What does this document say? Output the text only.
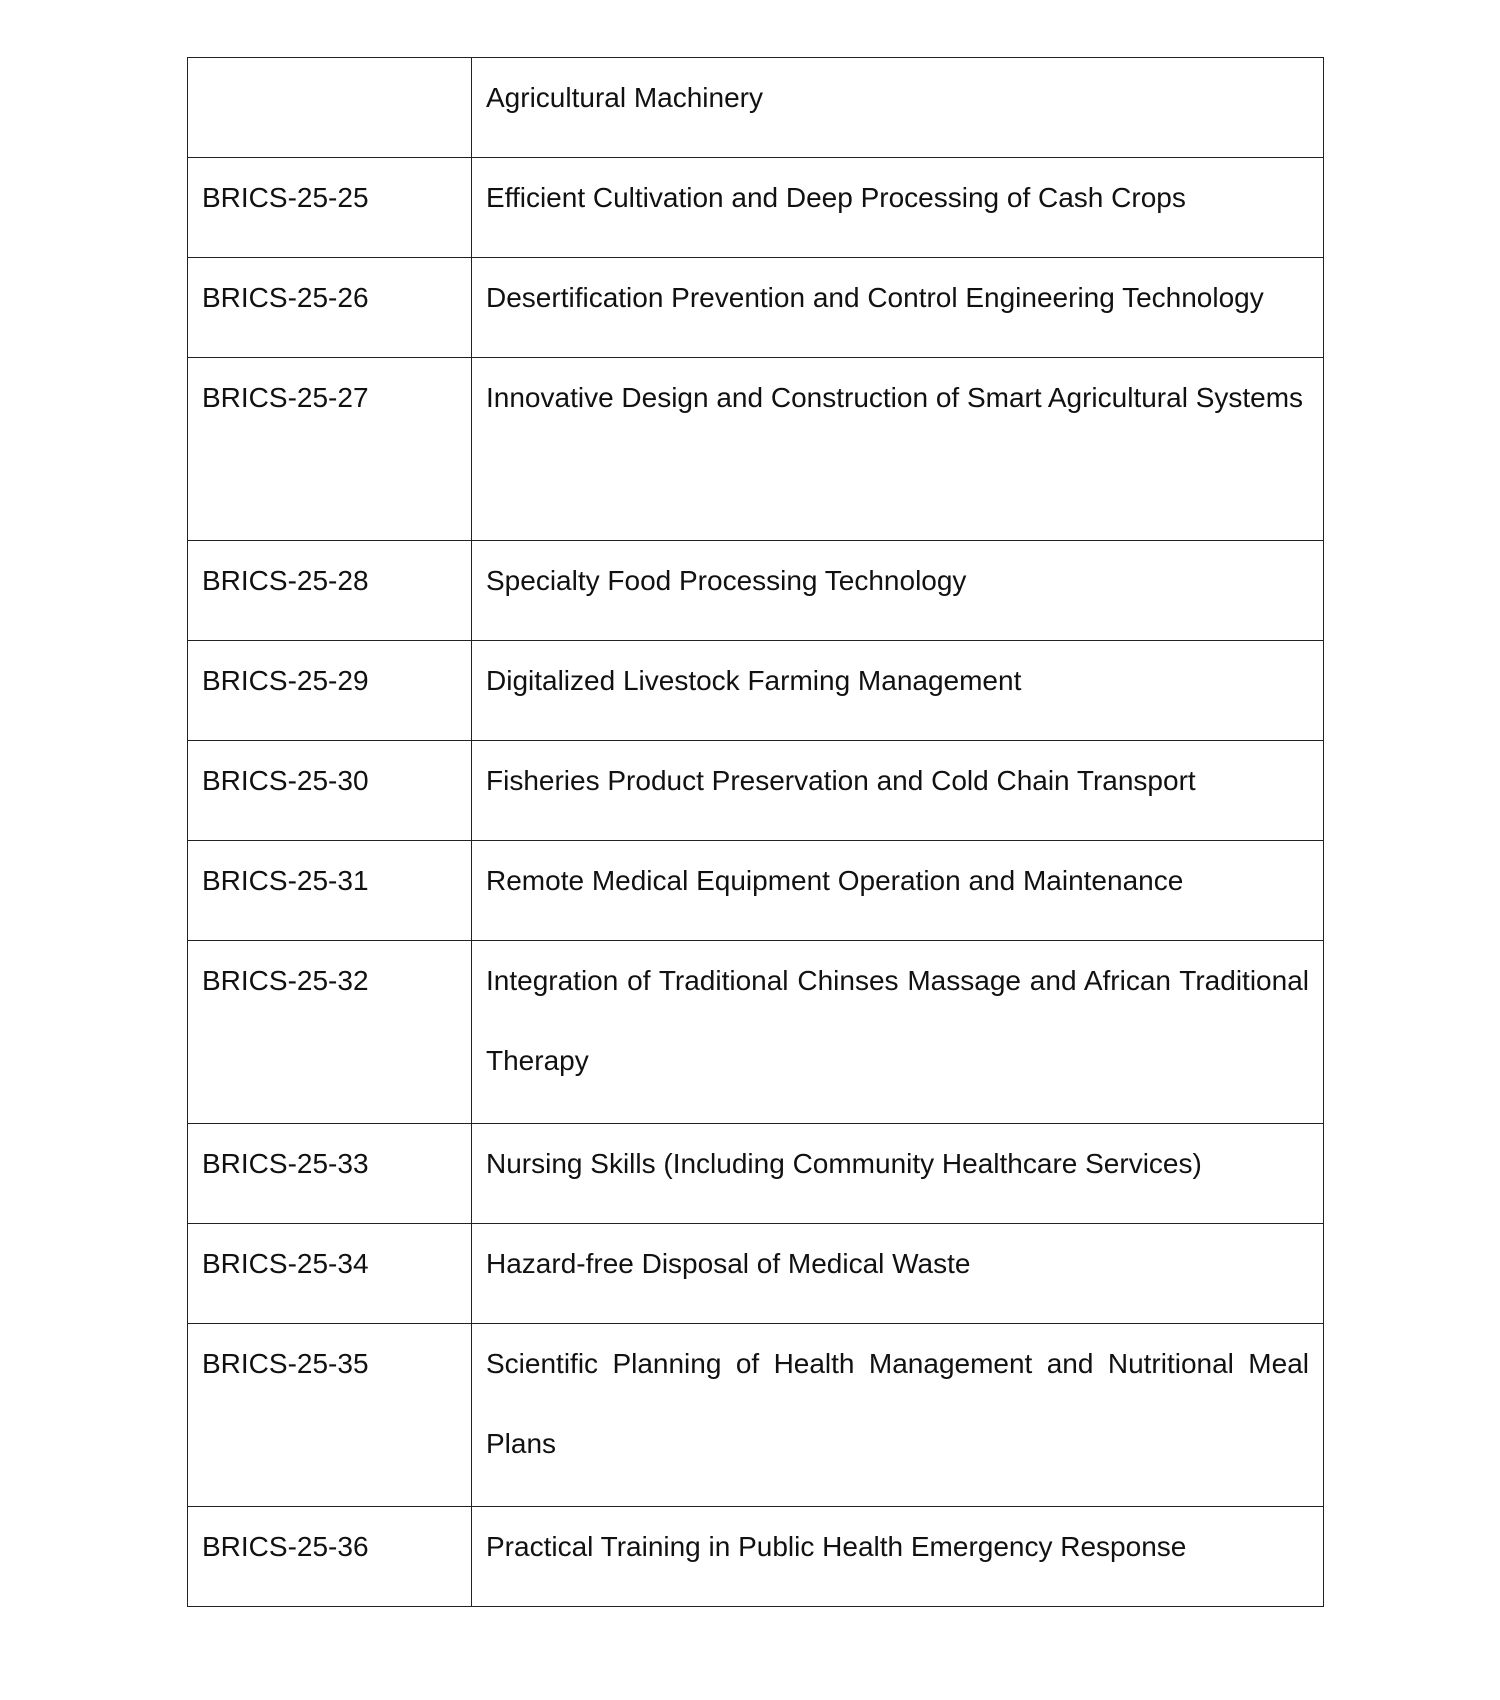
	Agricultural Machinery
BRICS-25-25	Efficient Cultivation and Deep Processing of Cash Crops
BRICS-25-26	Desertification Prevention and Control Engineering Technology
BRICS-25-27	Innovative Design and Construction of Smart Agricultural Systems
BRICS-25-28	Specialty Food Processing Technology
BRICS-25-29	Digitalized Livestock Farming Management
BRICS-25-30	Fisheries Product Preservation and Cold Chain Transport
BRICS-25-31	Remote Medical Equipment Operation and Maintenance
BRICS-25-32	Integration of Traditional Chinses Massage and African Traditional Therapy
BRICS-25-33	Nursing Skills (Including Community Healthcare Services)
BRICS-25-34	Hazard-free Disposal of Medical Waste
BRICS-25-35	Scientific Planning of Health Management and Nutritional Meal Plans
BRICS-25-36	Practical Training in Public Health Emergency Response
